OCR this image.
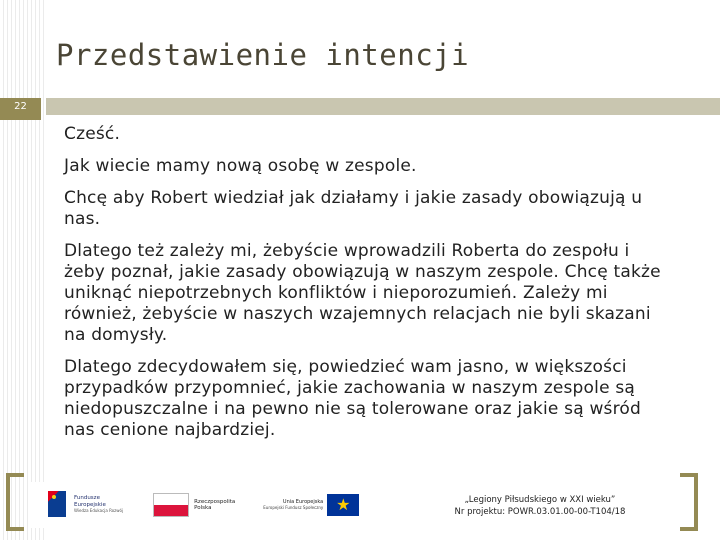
Przedstawienie intencji
22

Cześć.

Jak wiecie mamy nową osobę w zespole.

Chcę aby Robert wiedział jak działamy i jakie zasady obowiązują u nas.

Dlatego też zależy mi, żebyście wprowadzili Roberta do zespołu i żeby poznał, jakie zasady obowiązują w naszym zespole. Chcę także uniknąć niepotrzebnych konfliktów i nieporozumień. Zależy mi również, żebyście w naszych wzajemnych relacjach nie byli skazani na domysły.

Dlatego zdecydowałem się, powiedzieć wam jasno, w większości przypadków przypomnieć, jakie zachowania w naszym zespole są niedopuszczalne i na pewno nie są tolerowane oraz jakie są wśród nas cenione najbardziej.

Fundusze
Europejskie
Wiedza Edukacja Rozwój
Rzeczpospolita
Polska
Unia Europejska
Europejski Fundusz Społeczny ★	„Legiony Piłsudskiego w XXI wieku”
Nr projektu: POWR.03.01.00-00-T104/18
